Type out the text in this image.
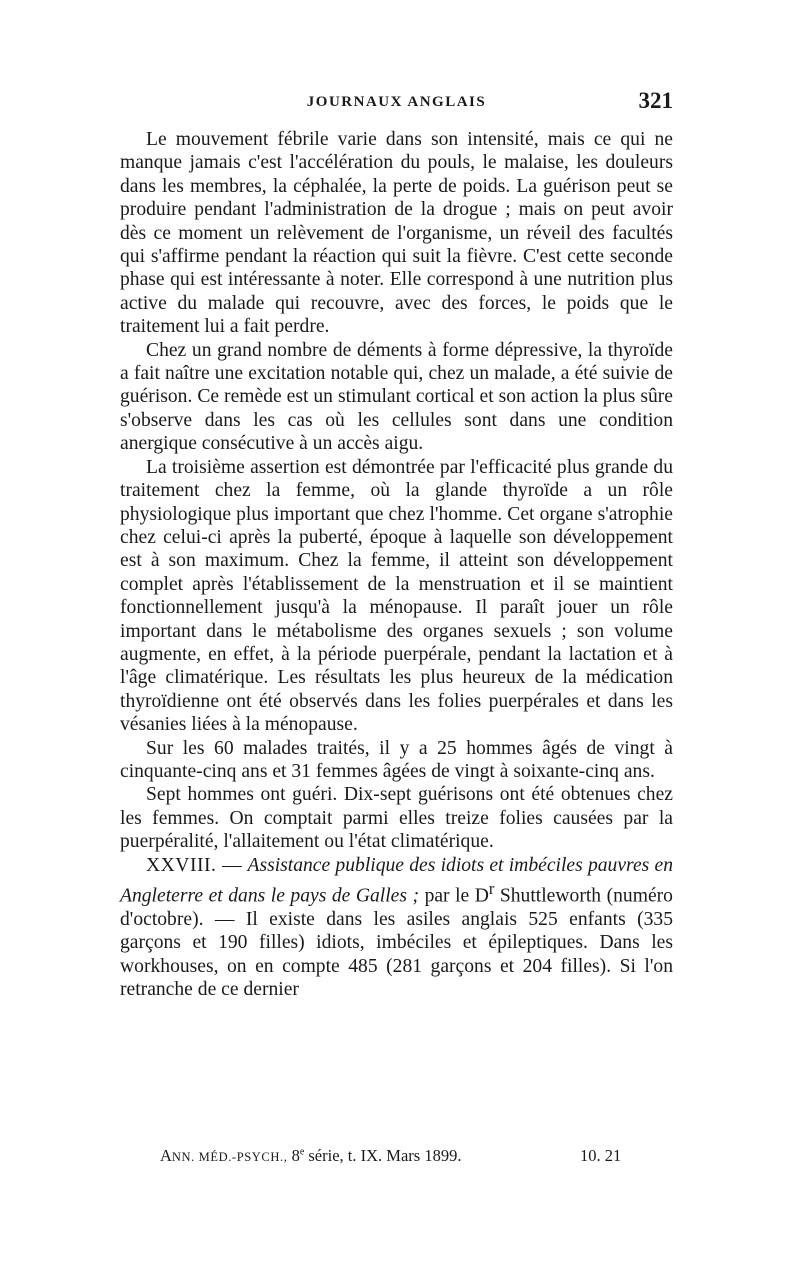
JOURNAUX ANGLAIS	321

Le mouvement fébrile varie dans son intensité, mais ce qui ne manque jamais c'est l'accélération du pouls, le malaise, les douleurs dans les membres, la céphalée, la perte de poids. La guérison peut se produire pendant l'administration de la drogue ; mais on peut avoir dès ce moment un relèvement de l'organisme, un réveil des facultés qui s'affirme pendant la réaction qui suit la fièvre. C'est cette seconde phase qui est intéressante à noter. Elle correspond à une nutrition plus active du malade qui recouvre, avec des forces, le poids que le traitement lui a fait perdre.

Chez un grand nombre de déments à forme dépressive, la thyroïde a fait naître une excitation notable qui, chez un malade, a été suivie de guérison. Ce remède est un stimulant cortical et son action la plus sûre s'observe dans les cas où les cellules sont dans une condition anergique consécutive à un accès aigu.

La troisième assertion est démontrée par l'efficacité plus grande du traitement chez la femme, où la glande thyroïde a un rôle physiologique plus important que chez l'homme. Cet organe s'atrophie chez celui-ci après la puberté, époque à laquelle son développement est à son maximum. Chez la femme, il atteint son développement complet après l'établissement de la menstruation et il se maintient fonctionnellement jusqu'à la ménopause. Il paraît jouer un rôle important dans le métabolisme des organes sexuels ; son volume augmente, en effet, à la période puerpérale, pendant la lactation et à l'âge climatérique. Les résultats les plus heureux de la médication thyroïdienne ont été observés dans les folies puerpérales et dans les vésanies liées à la ménopause.

Sur les 60 malades traités, il y a 25 hommes âgés de vingt à cinquante-cinq ans et 31 femmes âgées de vingt à soixante-cinq ans.

Sept hommes ont guéri. Dix-sept guérisons ont été obtenues chez les femmes. On comptait parmi elles treize folies causées par la puerpéralité, l'allaitement ou l'état climatérique.

XXVIII. — Assistance publique des idiots et imbéciles pauvres en Angleterre et dans le pays de Galles ; par le $D^r$ Shuttleworth (numéro d'octobre). — Il existe dans les asiles anglais 525 enfants (335 garçons et 190 filles) idiots, imbéciles et épileptiques. Dans les workhouses, on en compte 485 (281 garçons et 204 filles). Si l'on retranche de ce dernier

ANN. MÉD.-PSYCH., 8e série, t. IX. Mars 1899.	10. 21
